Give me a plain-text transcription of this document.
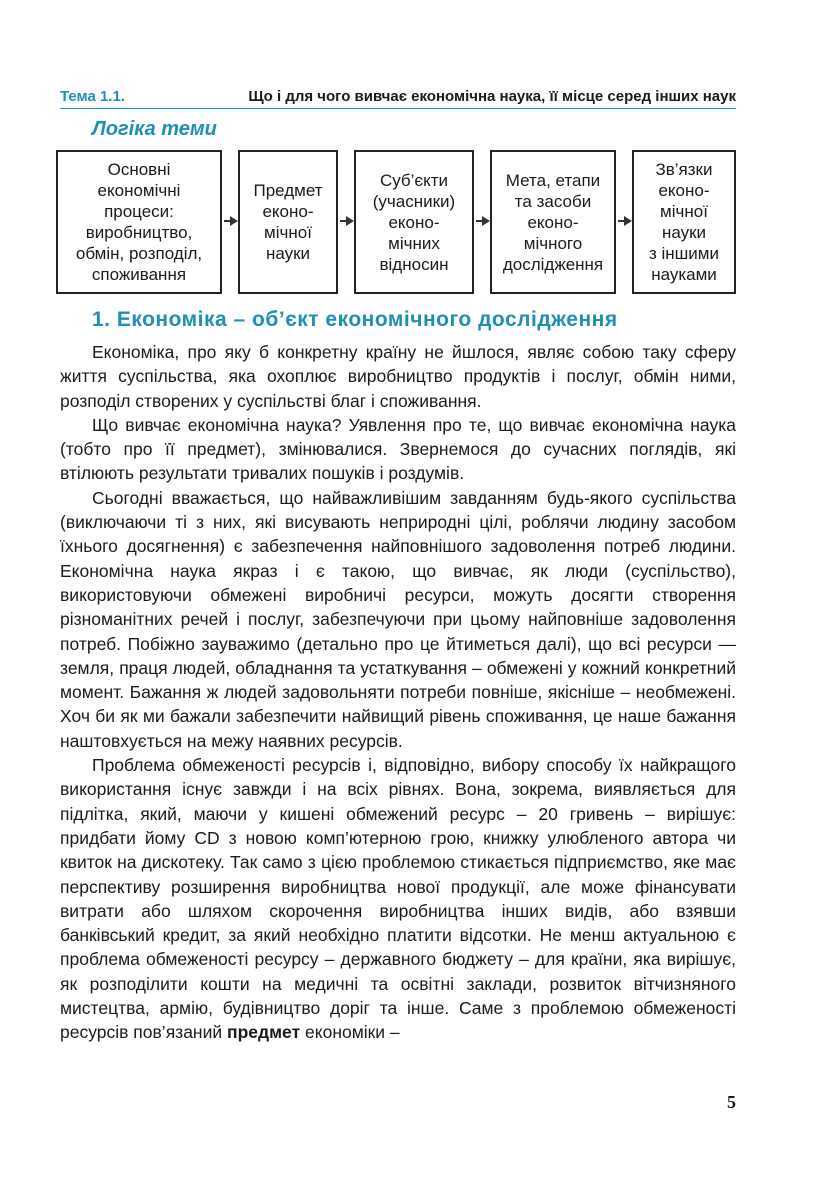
Тема 1.1.	Що і для чого вивчає економічна наука, її місце серед інших наук
Логіка теми
Основні
економічні
процеси:
виробництво,
обмін, розподіл,
споживання
Предмет
еконо-
мічної
науки
Суб’єкти
(учасники)
еконо-
мічних
відносин
Мета, етапи
та засоби
еконо-
мічного
дослідження
Зв’язки
еконо-
мічної
науки
з іншими
науками
1. Економіка – об’єкт економічного дослідження

Економіка, про яку б конкретну країну не йшлося, являє собою таку сферу життя суспільства, яка охоплює виробництво продуктів і послуг, обмін ними, розподіл створених у суспільстві благ і споживання.

Що вивчає економічна наука? Уявлення про те, що вивчає економічна наука (тобто про її предмет), змінювалися. Звернемося до сучасних поглядів, які втілюють результати тривалих пошуків і роздумів.

Сьогодні вважається, що найважливішим завданням будь-якого суспільства (виключаючи ті з них, які висувають неприродні цілі, роблячи людину засобом їхнього досягнення) є забезпечення найповнішого задоволення потреб людини. Економічна наука якраз і є такою, що вивчає, як люди (суспільство), використовуючи обмежені виробничі ресурси, можуть досягти створення різноманітних речей і послуг, забезпечуючи при цьому найповніше задоволення потреб. Побіжно зауважимо (детально про це йтиметься далі), що всі ресурси — земля, праця людей, обладнання та устаткування – обмежені у кожний конкретний момент. Бажання ж людей задовольняти потреби повніше, якісніше – необмежені. Хоч би як ми бажали забезпечити найвищий рівень споживання, це наше бажання наштовхується на межу наявних ресурсів.

Проблема обмеженості ресурсів і, відповідно, вибору способу їх найкращого використання існує завжди і на всіх рівнях. Вона, зокрема, виявляється для підлітка, який, маючи у кишені обмежений ресурс – 20 гривень – вирішує: придбати йому CD з новою комп’ютерною грою, книжку улюбленого автора чи квиток на дискотеку. Так само з цією проблемою стикається підприємство, яке має перспективу розширення виробництва нової продукції, але може фінансувати витрати або шляхом скорочення виробництва інших видів, або взявши банківський кредит, за який необхідно платити відсотки. Не менш актуальною є проблема обмеженості ресурсу – державного бюджету – для країни, яка вирішує, як розподілити кошти на медичні та освітні заклади, розвиток вітчизняного мистецтва, армію, будівництво доріг та інше. Саме з проблемою обмеженості ресурсів пов’язаний предмет економіки –

5
